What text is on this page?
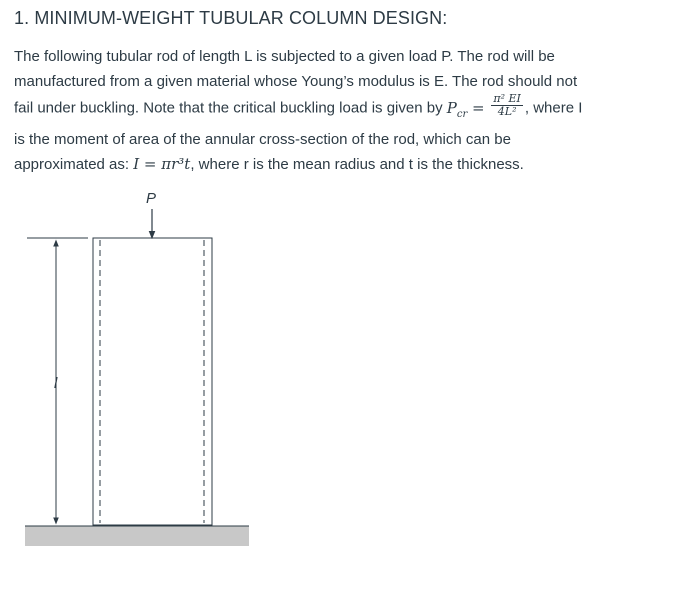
1. MINIMUM-WEIGHT TUBULAR COLUMN DESIGN:
The following tubular rod of length L is subjected to a given load P. The rod will be
manufactured from a given material whose Young’s modulus is E. The rod should not
fail under buckling. Note that the critical buckling load is given by $P_{cr} = \frac{\text{π² EI}}{\text{4L²}}$ , where I
is the moment of area of the annular cross-section of the rod, which can be
approximated as: I = πr³t, where r is the mean radius and t is the thickness.
P
l
